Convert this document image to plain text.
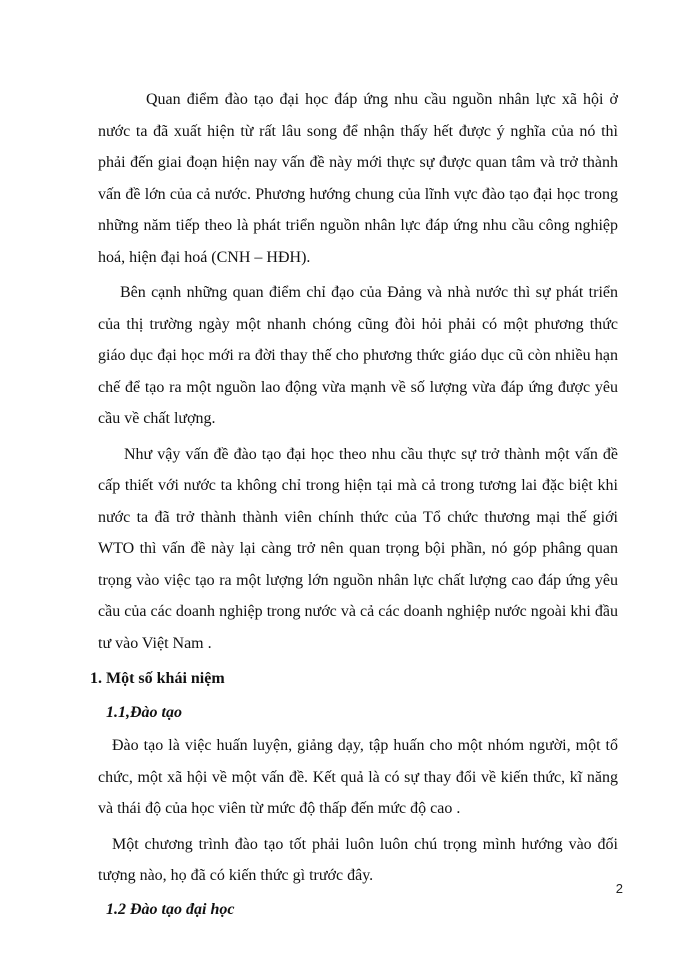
Quan điểm đào tạo đại học đáp ứng nhu cầu nguồn nhân lực xã hội ở nước ta đã xuất hiện từ rất lâu song để nhận thấy hết được ý nghĩa của nó thì phải đến giai đoạn hiện nay vấn đề này mới thực sự được quan tâm và trở thành vấn đề lớn của cả nước. Phương hướng chung của lĩnh vực đào tạo đại học trong những năm tiếp theo là phát triển nguồn nhân lực đáp ứng nhu cầu công nghiệp hoá, hiện đại hoá (CNH – HĐH).

Bên cạnh những quan điểm chỉ đạo của Đảng và nhà nước thì sự phát triển của thị trường ngày một nhanh chóng cũng đòi hỏi phải có một phương thức giáo dục đại học mới ra đời thay thế cho phương thức giáo dục cũ còn nhiều hạn chế để tạo ra một nguồn lao động vừa mạnh về số lượng vừa đáp ứng được yêu cầu về chất lượng.

Như vậy vấn đề đào tạo đại học theo nhu cầu thực sự trở thành một vấn đề cấp thiết với nước ta không chỉ trong hiện tại mà cả trong tương lai đặc biệt khi nước ta đã trở thành thành viên chính thức của Tổ chức thương mại thế giới WTO thì vấn đề này lại càng trở nên quan trọng bội phần, nó góp phâng quan trọng vào việc tạo ra một lượng lớn nguồn nhân lực chất lượng cao đáp ứng yêu cầu của các doanh nghiệp trong nước và cả các doanh nghiệp nước ngoài khi đầu tư vào Việt Nam .

1. Một số khái niệm
1.1,Đào tạo

Đào tạo là việc huấn luyện, giảng dạy, tập huấn cho một nhóm người, một tổ chức, một xã hội về một vấn đề. Kết quả là có sự thay đổi về kiến thức, kĩ năng và thái độ của học viên từ mức độ thấp đến mức độ cao .

Một chương trình đào tạo tốt phải luôn luôn chú trọng mình hướng vào đối tượng nào, họ đã có kiến thức gì trước đây.

1.2 Đào tạo đại học
2
